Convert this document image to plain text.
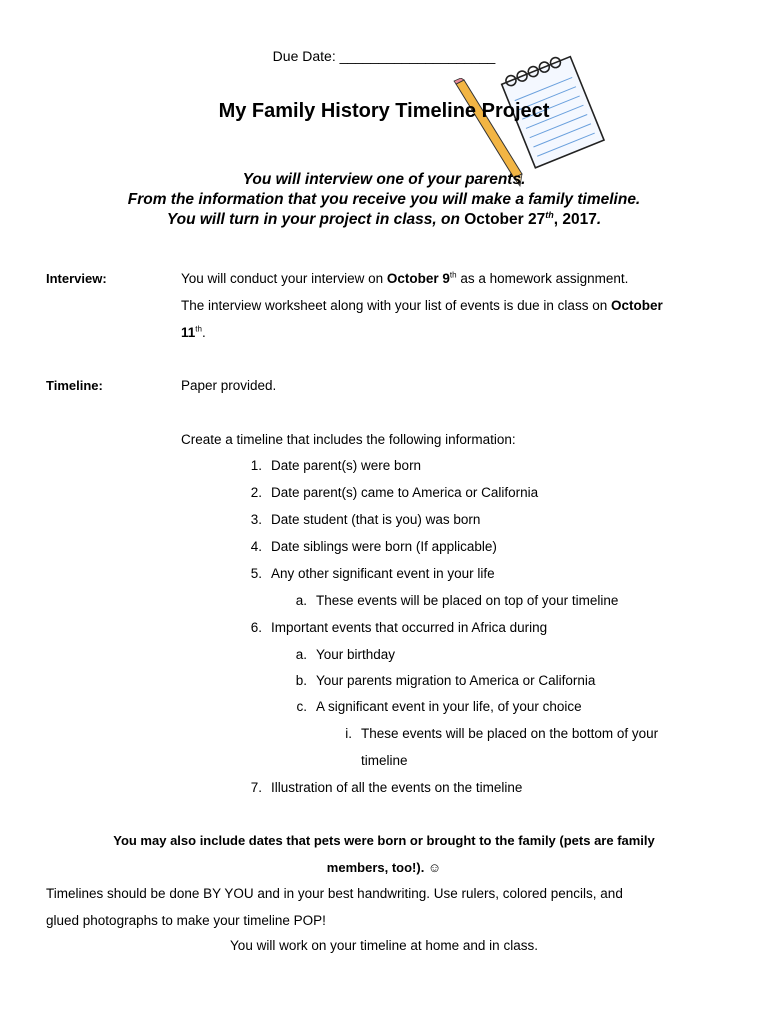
Due Date: ____________________
My Family History Timeline Project
You will interview one of your parents.
From the information that you receive you will make a family timeline.
You will turn in your project in class, on October 27th, 2017.
Interview:	You will conduct your interview on October 9th as a homework assignment.
The interview worksheet along with your list of events is due in class on October
11th.
Timeline:	Paper provided.
Create a timeline that includes the following information:
1. Date parent(s) were born
2. Date parent(s) came to America or California
3. Date student (that is you) was born
4. Date siblings were born (If applicable)
5. Any other significant event in your life
a. These events will be placed on top of your timeline
6. Important events that occurred in Africa during
a. Your birthday
b. Your parents migration to America or California
c. A significant event in your life, of your choice
i. These events will be placed on the bottom of your
timeline
7. Illustration of all the events on the timeline
You may also include dates that pets were born or brought to the family (pets are family
members, too!). ☺
Timelines should be done BY YOU and in your best handwriting. Use rulers, colored pencils, and
glued photographs to make your timeline POP!
You will work on your timeline at home and in class.
